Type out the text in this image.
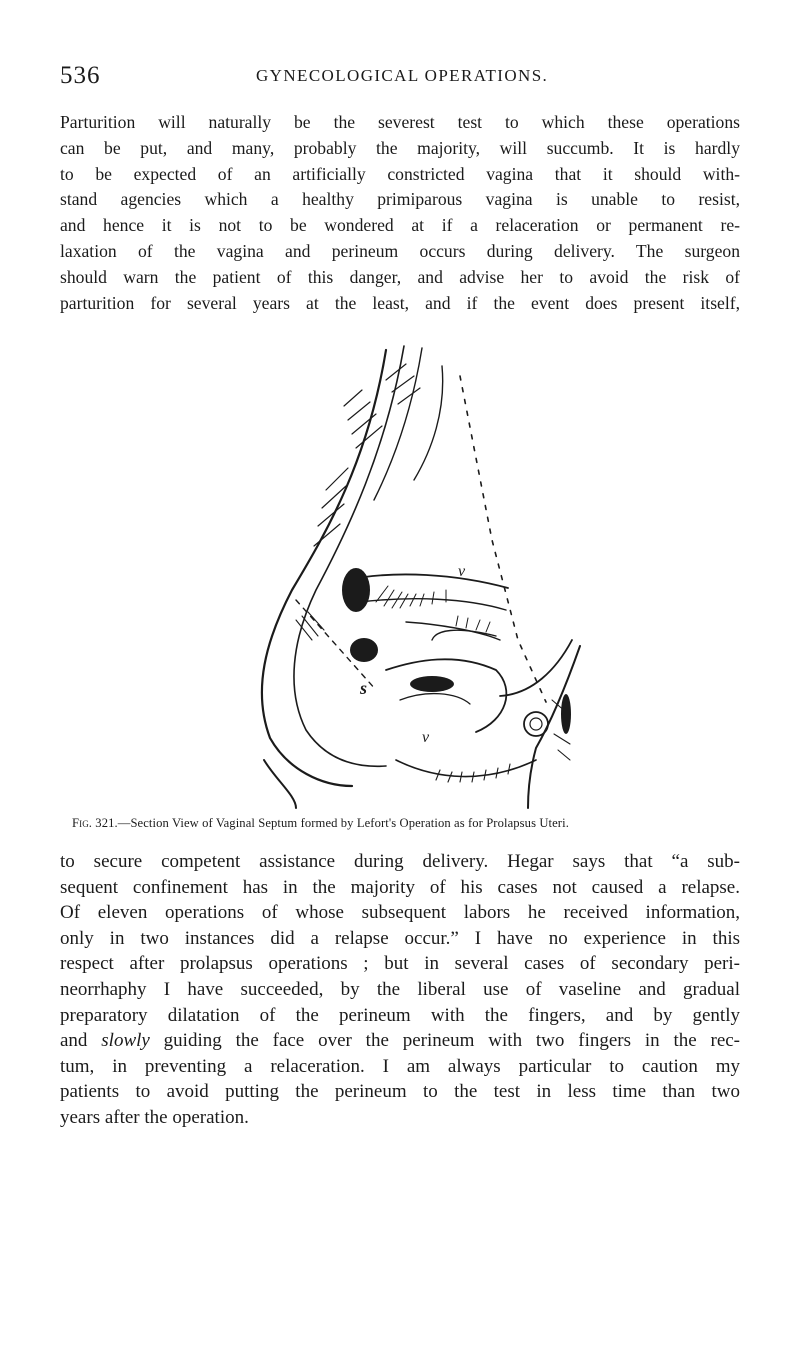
536	GYNECOLOGICAL OPERATIONS.
Parturition will naturally be the severest test to which these operations
can be put, and many, probably the majority, will succumb. It is hardly
to be expected of an artificially constricted vagina that it should with-
stand agencies which a healthy primiparous vagina is unable to resist,
and hence it is not to be wondered at if a relaceration or permanent re-
laxation of the vagina and perineum occurs during delivery. The surgeon
should warn the patient of this danger, and advise her to avoid the risk of
parturition for several years at the least, and if the event does present itself,
v
s
v
Fig. 321.—Section View of Vaginal Septum formed by Lefort's Operation as for Prolapsus Uteri.
to secure competent assistance during delivery. Hegar says that “a sub-
sequent confinement has in the majority of his cases not caused a relapse.
Of eleven operations of whose subsequent labors he received information,
only in two instances did a relapse occur.” I have no experience in this
respect after prolapsus operations ; but in several cases of secondary peri-
neorrhaphy I have succeeded, by the liberal use of vaseline and gradual
preparatory dilatation of the perineum with the fingers, and by gently
and slowly guiding the face over the perineum with two fingers in the rec-
tum, in preventing a relaceration. I am always particular to caution my
patients to avoid putting the perineum to the test in less time than two
years after the operation.
